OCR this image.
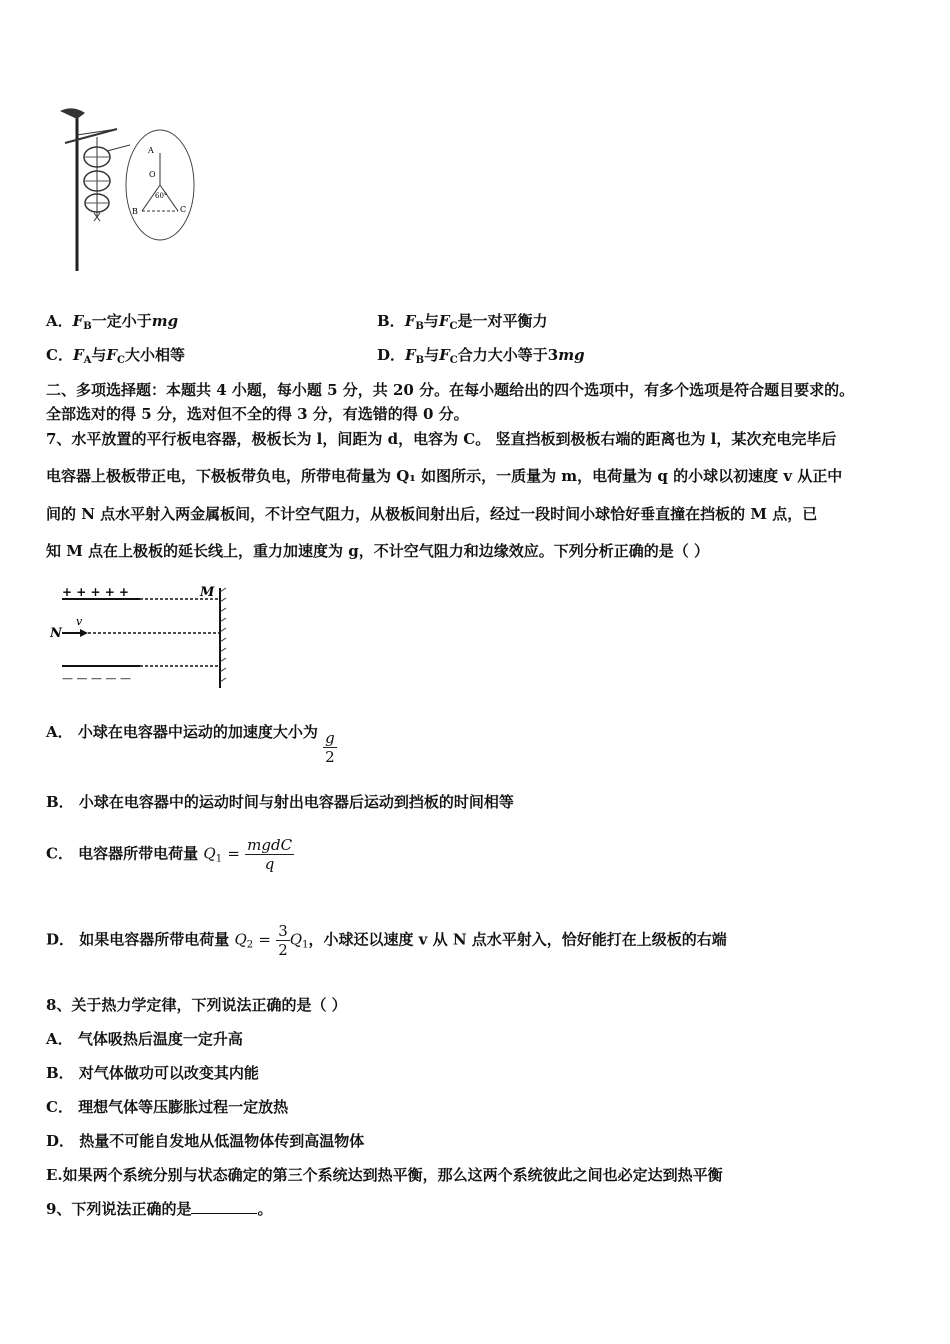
A
O
60°
B	C
A．$F_B$一定小于mg	B．$F_B$与$F_C$是一对平衡力
C．$F_A$与$F_C$大小相等	D．$F_B$与$F_C$合力大小等于3mg
二、多项选择题：本题共 4 小题，每小题 5 分，共 20 分。在每小题给出的四个选项中，有多个选项是符合题目要求的。
全部选对的得 5 分，选对但不全的得 3 分，有选错的得 0 分。
7、水平放置的平行板电容器，极板长为 l，间距为 d，电容为 C。 竖直挡板到极板右端的距离也为 l，某次充电完毕后
电容器上极板带正电，下极板带负电，所带电荷量为 Q₁ 如图所示，一质量为 m，电荷量为 q 的小球以初速度 v 从正中
间的 N 点水平射入两金属板间，不计空气阻力，从极板间射出后，经过一段时间小球恰好垂直撞在挡板的 M 点，已
知 M 点在上极板的延长线上，重力加速度为 g，不计空气阻力和边缘效应。下列分析正确的是（ ）
+ + + + +	M
N
v
— — — — —
A． 小球在电容器中运动的加速度大小为 $\frac{g}{2}$
B． 小球在电容器中的运动时间与射出电容器后运动到挡板的时间相等
C． 电容器所带电荷量 $Q_1 = \frac{\text{mgdC}}{q}$
D． 如果电容器所带电荷量 $Q_2 = \frac{3}{2} Q_1$，小球还以速度 v 从 N 点水平射入，恰好能打在上级板的右端
8、关于热力学定律，下列说法正确的是（ ）
A． 气体吸热后温度一定升高
B． 对气体做功可以改变其内能
C． 理想气体等压膨胀过程一定放热
D． 热量不可能自发地从低温物体传到高温物体
E.如果两个系统分别与状态确定的第三个系统达到热平衡，那么这两个系统彼此之间也必定达到热平衡
9、下列说法正确的是	。
